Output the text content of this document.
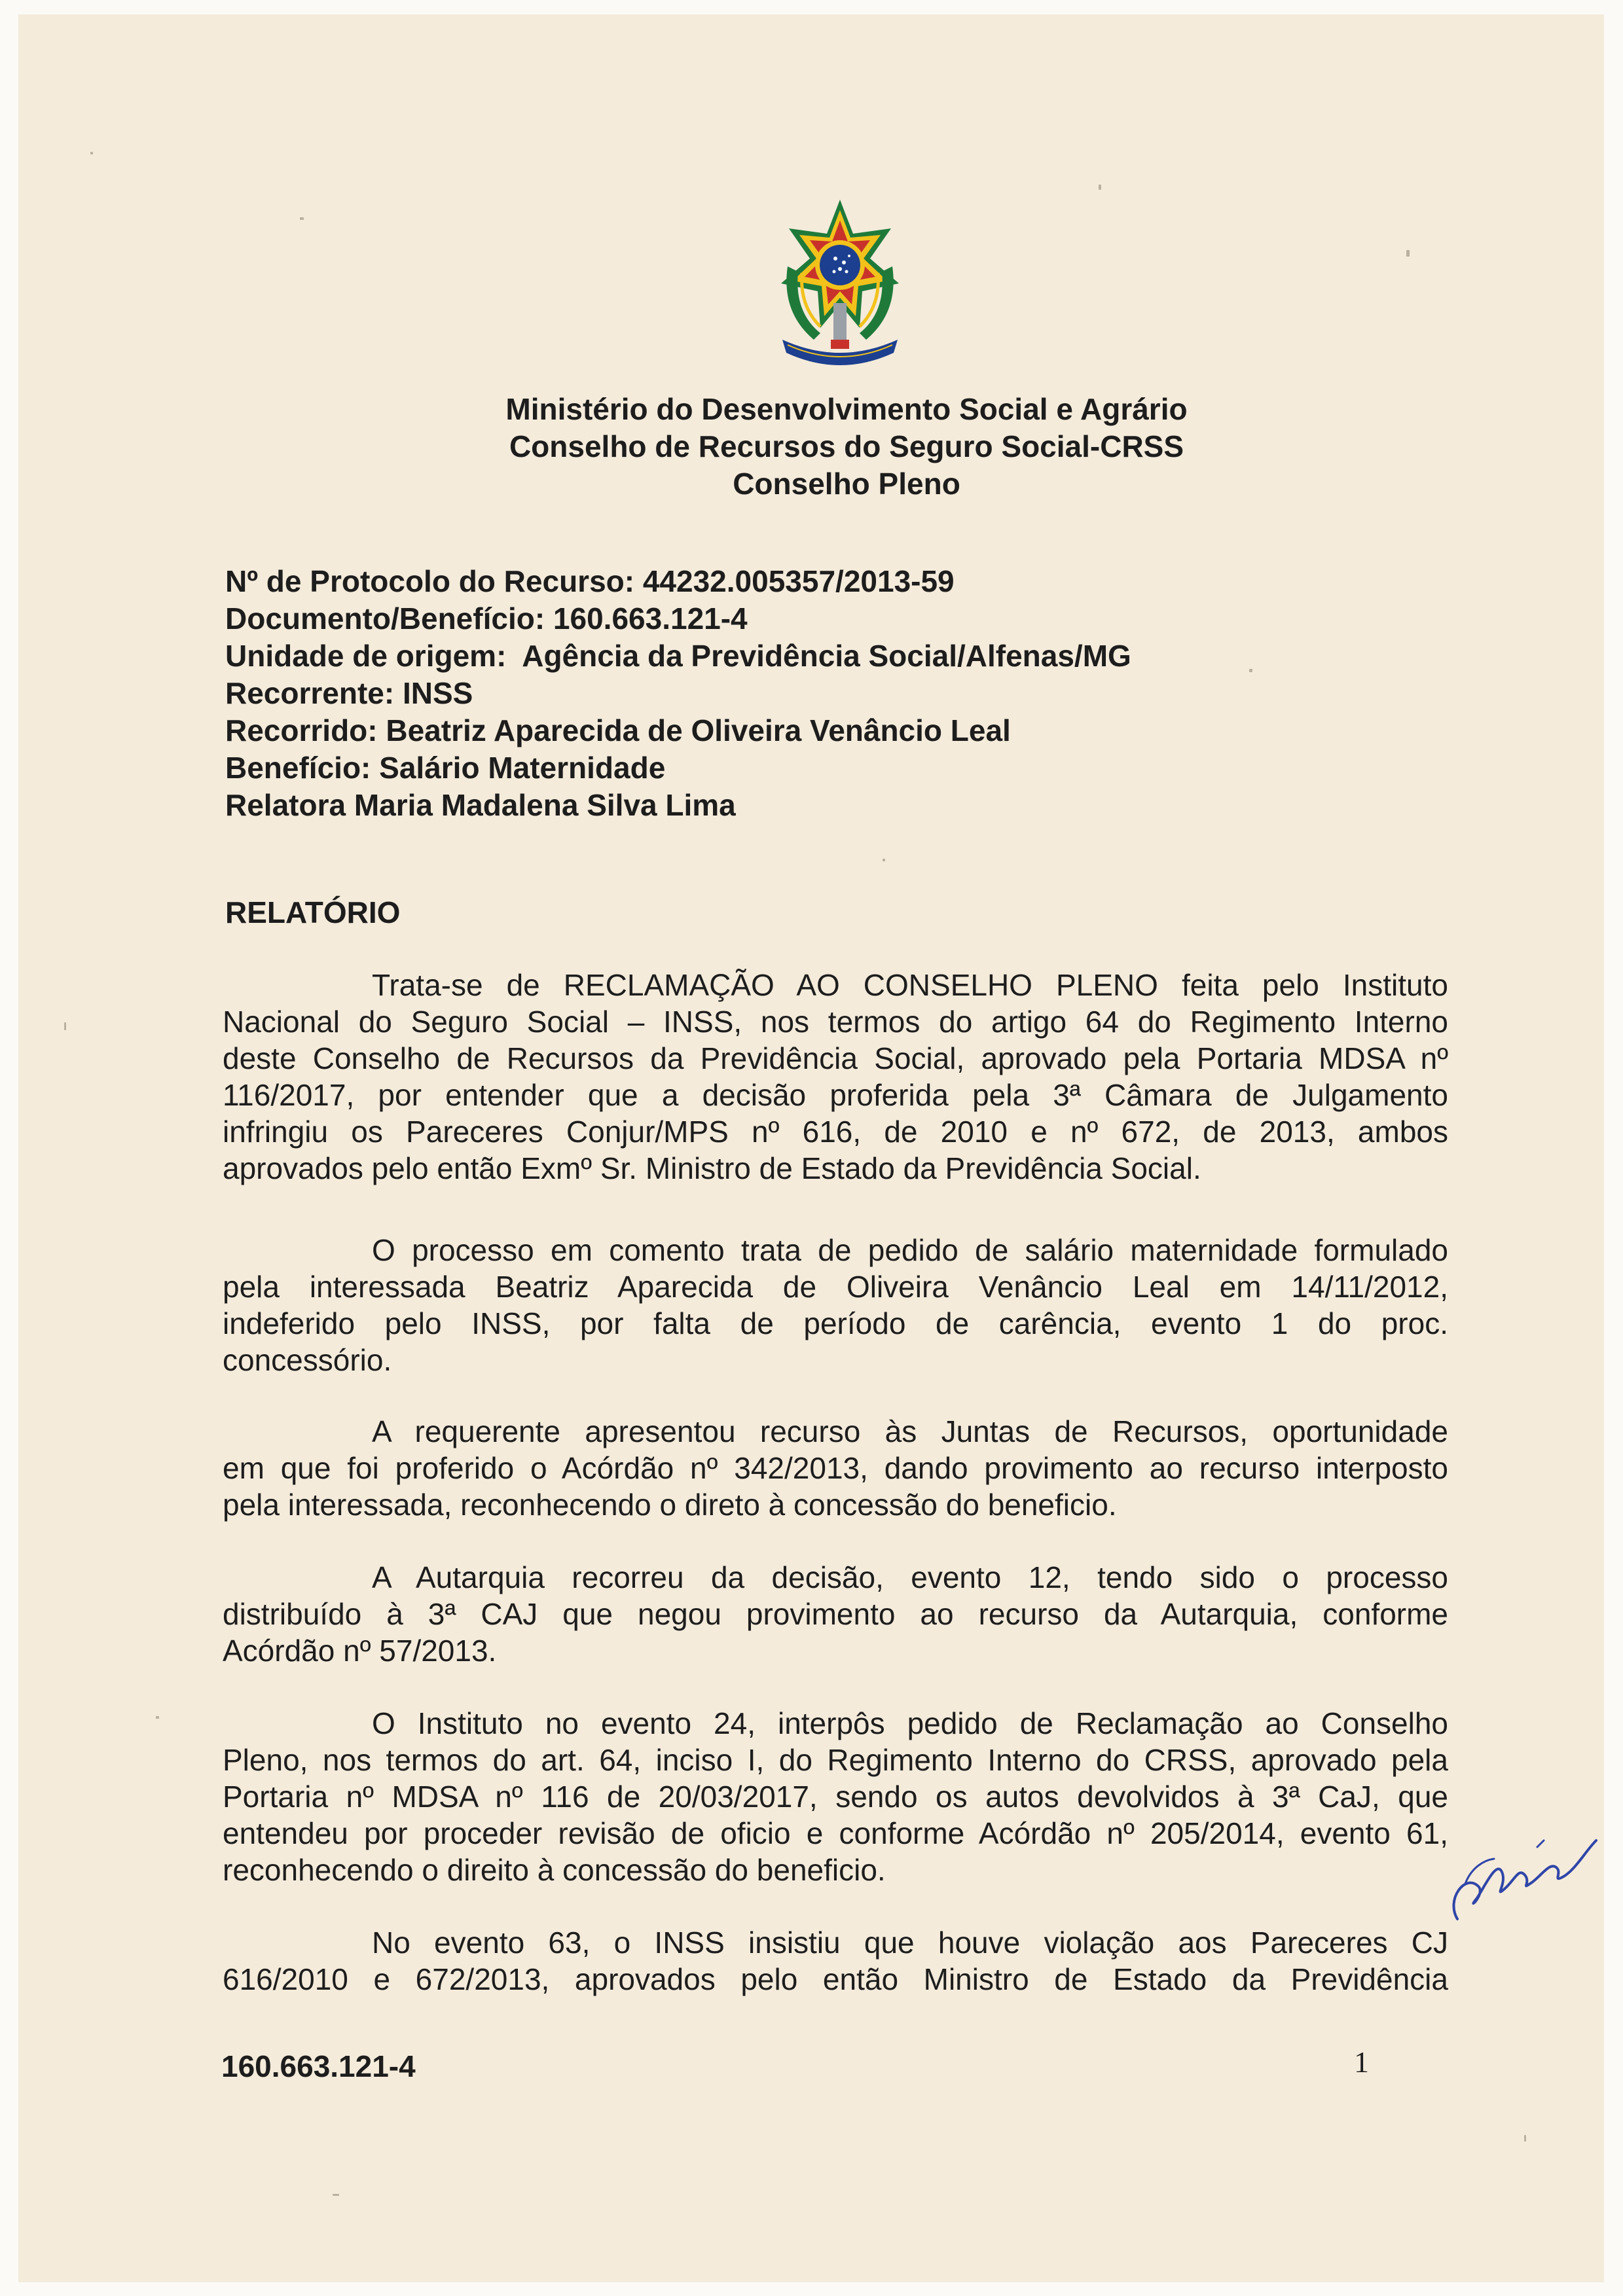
Ministério do Desenvolvimento Social e Agrário
Conselho de Recursos do Seguro Social-CRSS
Conselho Pleno
Nº de Protocolo do Recurso: 44232.005357/2013-59
Documento/Benefício: 160.663.121-4
Unidade de origem:  Agência da Previdência Social/Alfenas/MG
Recorrente: INSS
Recorrido: Beatriz Aparecida de Oliveira Venâncio Leal
Benefício: Salário Maternidade
Relatora Maria Madalena Silva Lima
RELATÓRIO
Trata-se de RECLAMAÇÃO AO CONSELHO PLENO feita pelo Instituto
Nacional do Seguro Social – INSS, nos termos do artigo 64 do Regimento Interno
deste Conselho de Recursos da Previdência Social, aprovado pela Portaria MDSA nº
116/2017, por entender que a decisão proferida pela 3ª Câmara de Julgamento
infringiu os Pareceres Conjur/MPS nº 616, de 2010 e nº 672, de 2013, ambos
aprovados pelo então Exmº Sr. Ministro de Estado da Previdência Social.
O processo em comento trata de pedido de salário maternidade formulado
pela interessada Beatriz Aparecida de Oliveira Venâncio Leal em 14/11/2012,
indeferido pelo INSS, por falta de período de carência, evento 1 do proc.
concessório.
A requerente apresentou recurso às Juntas de Recursos, oportunidade
em que foi proferido o Acórdão nº 342/2013, dando provimento ao recurso interposto
pela interessada, reconhecendo o direto à concessão do beneficio.
A Autarquia recorreu da decisão, evento 12, tendo sido o processo
distribuído à 3ª CAJ que negou provimento ao recurso da Autarquia, conforme
Acórdão nº 57/2013.
O Instituto no evento 24, interpôs pedido de Reclamação ao Conselho
Pleno, nos termos do art. 64, inciso I, do Regimento Interno do CRSS, aprovado pela
Portaria nº MDSA nº 116 de 20/03/2017, sendo os autos devolvidos à 3ª CaJ, que
entendeu por proceder revisão de oficio e conforme Acórdão nº 205/2014, evento 61,
reconhecendo o direito à concessão do beneficio.
No evento 63, o INSS insistiu que houve violação aos Pareceres CJ
616/2010 e 672/2013, aprovados pelo então Ministro de Estado da Previdência
160.663.121-4	1
